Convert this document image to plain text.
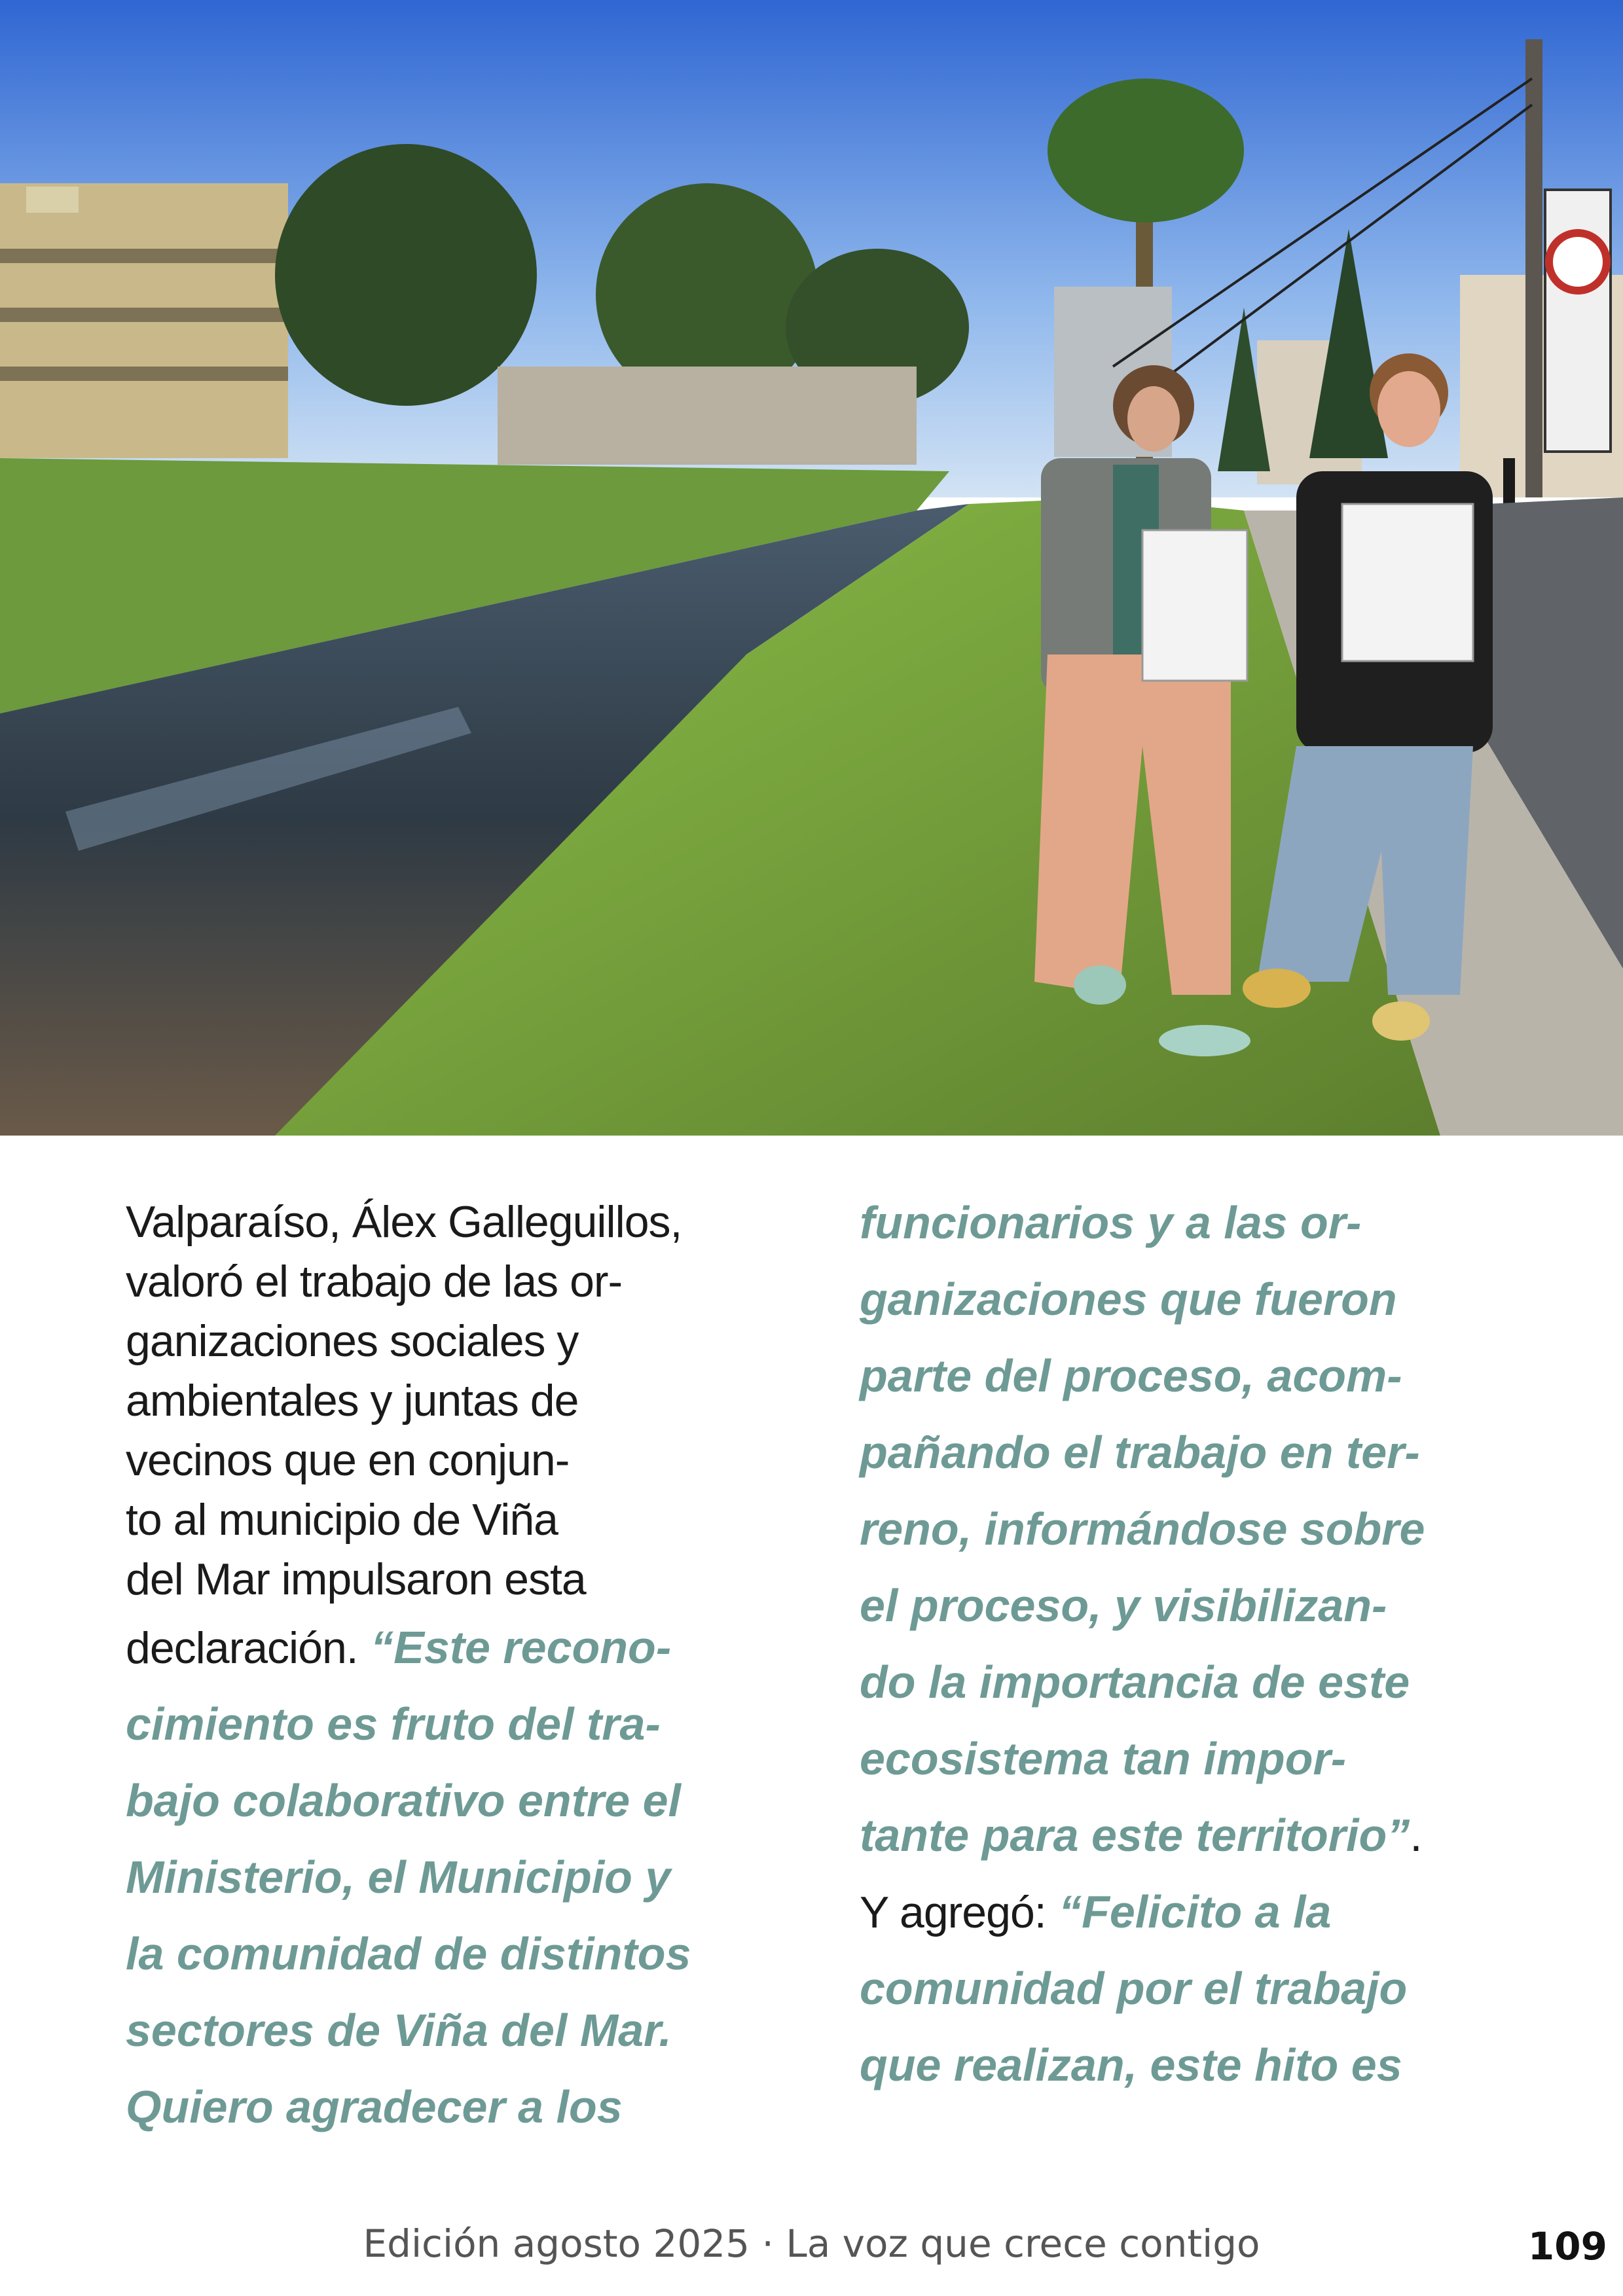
Valparaíso, Álex Galleguillos,
valoró el trabajo de las or-
ganizaciones sociales y
ambientales y juntas de
vecinos que en conjun-
to al municipio de Viña
del Mar impulsaron esta
declaración. “Este recono-
cimiento es fruto del tra-
bajo colaborativo entre el
Ministerio, el Municipio y
la comunidad de distintos
sectores de Viña del Mar.
Quiero agradecer a los
funcionarios y a las or-
ganizaciones que fueron
parte del proceso, acom-
pañando el trabajo en ter-
reno, informándose sobre
el proceso, y visibilizan-
do la importancia de este
ecosistema tan impor-
tante para este territorio”.
Y agregó: “Felicito a la
comunidad por el trabajo
que realizan, este hito es
Edición agosto 2025 · La voz que crece contigo	109
